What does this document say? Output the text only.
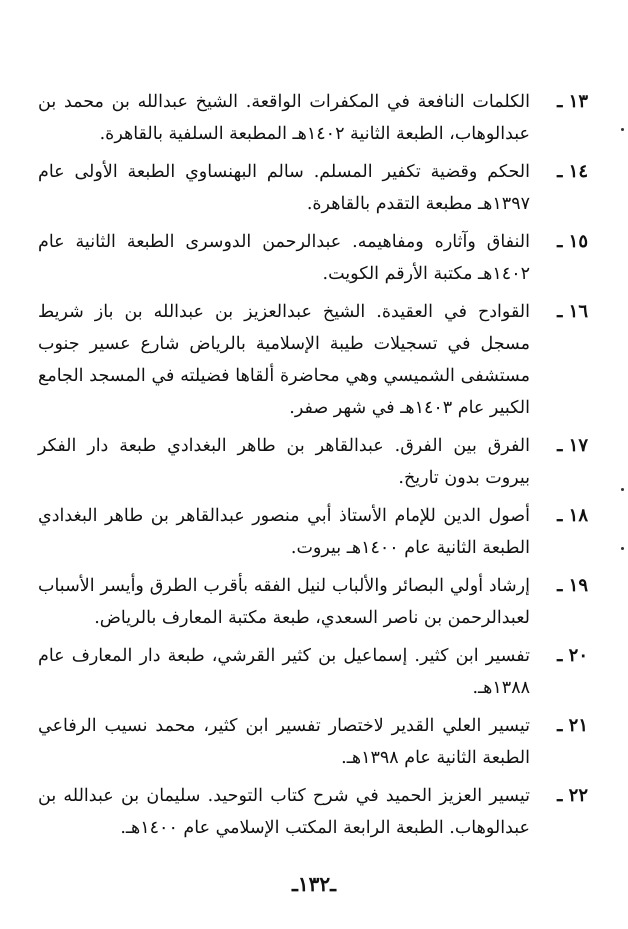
١٣ ـ
الكلمات النافعة في المكفرات الواقعة. الشيخ عبدالله بن محمد بن عبدالوهاب، الطبعة الثانية ١٤٠٢هـ المطبعة السلفية بالقاهرة.
١٤ ـ
الحكم وقضية تكفير المسلم. سالم البهنساوي الطبعة الأولى عام ١٣٩٧هـ مطبعة التقدم بالقاهرة.
١٥ ـ
النفاق وآثاره ومفاهيمه. عبدالرحمن الدوسرى الطبعة الثانية عام ١٤٠٢هـ مكتبة الأرقم الكويت.
١٦ ـ
القوادح في العقيدة. الشيخ عبدالعزيز بن عبدالله بن باز شريط مسجل في تسجيلات طيبة الإسلامية بالرياض شارع عسير جنوب مستشفى الشميسي وهي محاضرة ألقاها فضيلته في المسجد الجامع الكبير عام ١٤٠٣هـ في شهر صفر.
١٧ ـ
الفرق بين الفرق. عبدالقاهر بن طاهر البغدادي طبعة دار الفكر بيروت بدون تاريخ.
١٨ ـ
أصول الدين للإمام الأستاذ أبي منصور عبدالقاهر بن طاهر البغدادي الطبعة الثانية عام ١٤٠٠هـ بيروت.
١٩ ـ
إرشاد أولي البصائر والألباب لنيل الفقه بأقرب الطرق وأيسر الأسباب لعبدالرحمن بن ناصر السعدي، طبعة مكتبة المعارف بالرياض.
٢٠ ـ
تفسير ابن كثير. إسماعيل بن كثير القرشي، طبعة دار المعارف عام ١٣٨٨هـ.
٢١ ـ
تيسير العلي القدير لاختصار تفسير ابن كثير، محمد نسيب الرفاعي الطبعة الثانية عام ١٣٩٨هـ.
٢٢ ـ
تيسير العزيز الحميد في شرح كتاب التوحيد. سليمان بن عبدالله بن عبدالوهاب. الطبعة الرابعة المكتب الإسلامي عام ١٤٠٠هـ.
ـ١٣٢ـ
